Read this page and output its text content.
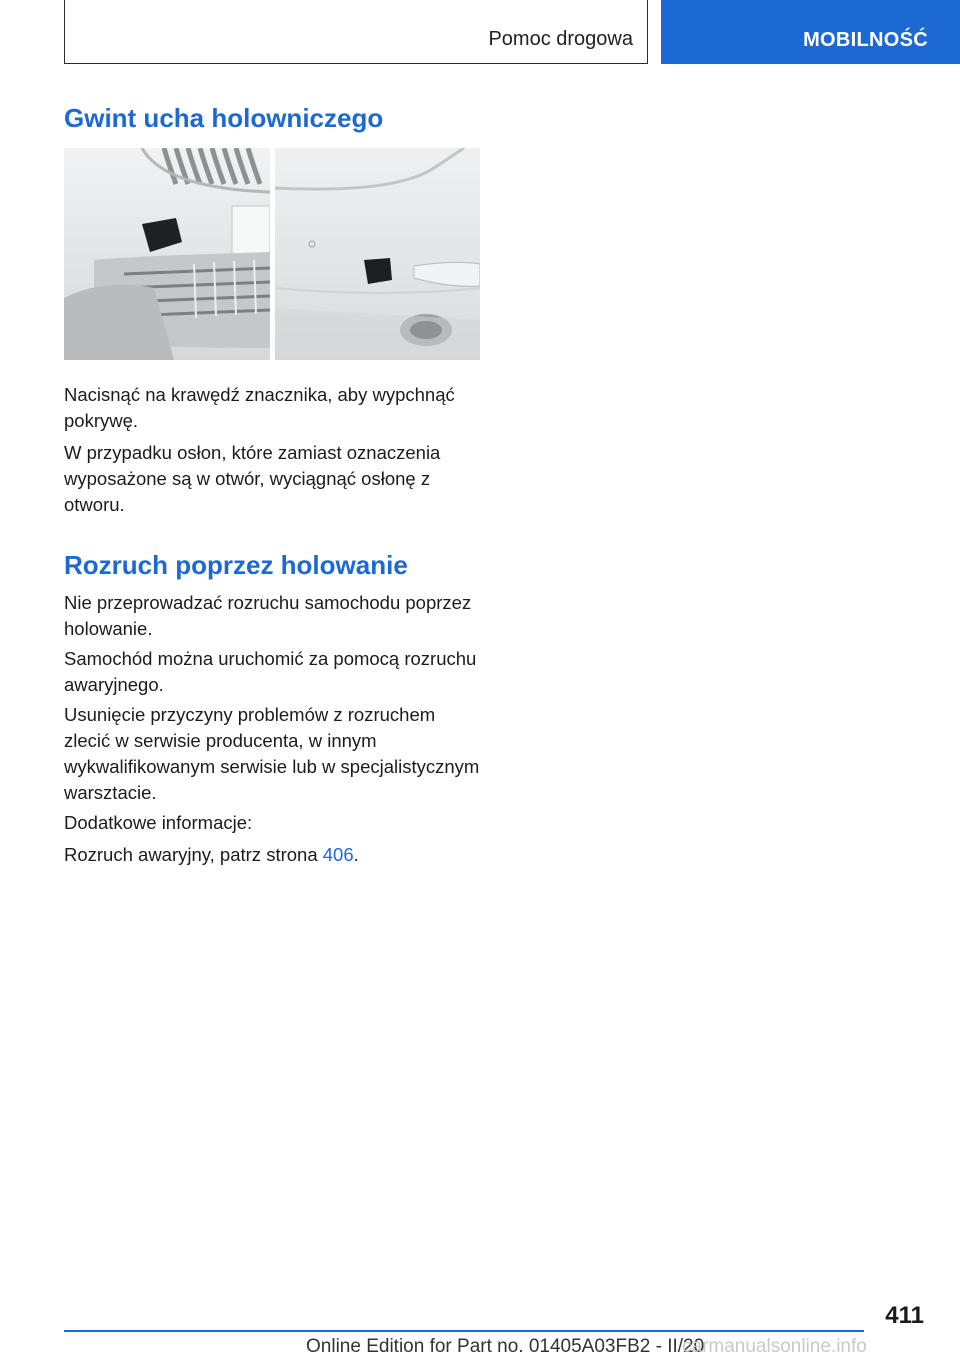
Pomoc drogowa	MOBILNOŚĆ
Gwint ucha holowniczego

Nacisnąć na krawędź znacznika, aby wypchnąć pokrywę.

W przypadku osłon, które zamiast oznaczenia wyposażone są w otwór, wyciągnąć osłonę z otworu.

Rozruch poprzez holowanie

Nie przeprowadzać rozruchu samochodu poprzez holowanie.

Samochód można uruchomić za pomocą rozruchu awaryjnego.

Usunięcie przyczyny problemów z rozruchem zlecić w serwisie producenta, w innym wykwalifikowanym serwisie lub w specjalistycznym warsztacie.

Dodatkowe informacje:

Rozruch awaryjny, patrz strona 406.

411
Online Edition for Part no. 01405A03FB2 - II/20
carmanualsonline.info
